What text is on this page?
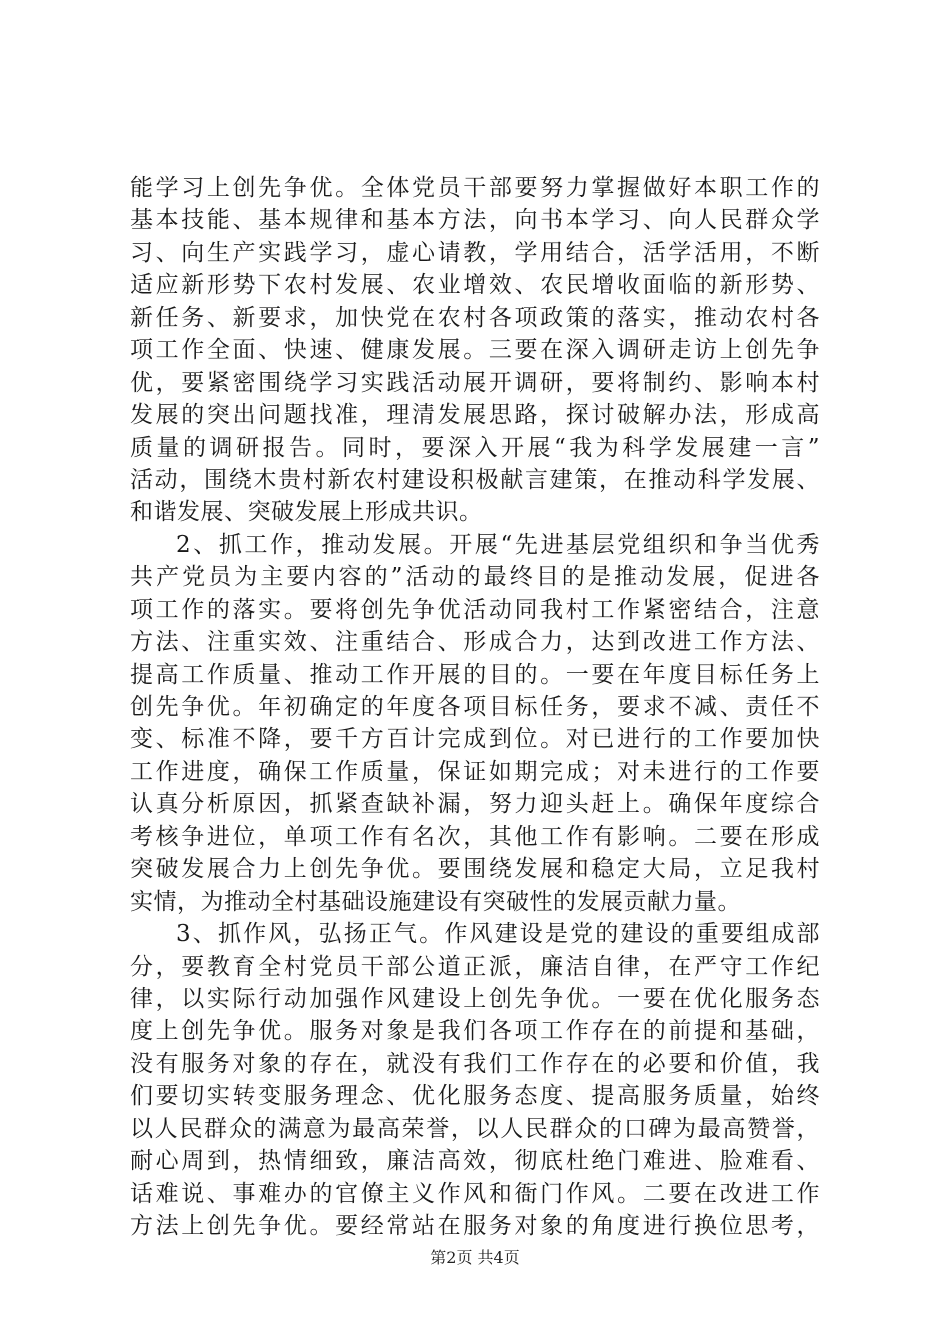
能学习上创先争优。全体党员干部要努力掌握做好本职工作的
基本技能、基本规律和基本方法，向书本学习、向人民群众学
习、向生产实践学习，虚心请教，学用结合，活学活用，不断
适应新形势下农村发展、农业增效、农民增收面临的新形势、
新任务、新要求，加快党在农村各项政策的落实，推动农村各
项工作全面、快速、健康发展。三要在深入调研走访上创先争
优，要紧密围绕学习实践活动展开调研，要将制约、影响本村
发展的突出问题找准，理清发展思路，探讨破解办法，形成高
质量的调研报告。同时，要深入开展“我为科学发展建一言”
活动，围绕木贵村新农村建设积极献言建策，在推动科学发展、
和谐发展、突破发展上形成共识。
2、抓工作，推动发展。开展“先进基层党组织和争当优秀
共产党员为主要内容的”活动的最终目的是推动发展，促进各
项工作的落实。要将创先争优活动同我村工作紧密结合，注意
方法、注重实效、注重结合、形成合力，达到改进工作方法、
提高工作质量、推动工作开展的目的。一要在年度目标任务上
创先争优。年初确定的年度各项目标任务，要求不减、责任不
变、标准不降，要千方百计完成到位。对已进行的工作要加快
工作进度，确保工作质量，保证如期完成；对未进行的工作要
认真分析原因，抓紧查缺补漏，努力迎头赶上。确保年度综合
考核争进位，单项工作有名次，其他工作有影响。二要在形成
突破发展合力上创先争优。要围绕发展和稳定大局，立足我村
实情，为推动全村基础设施建设有突破性的发展贡献力量。
3、抓作风，弘扬正气。作风建设是党的建设的重要组成部
分，要教育全村党员干部公道正派，廉洁自律，在严守工作纪
律，以实际行动加强作风建设上创先争优。一要在优化服务态
度上创先争优。服务对象是我们各项工作存在的前提和基础，
没有服务对象的存在，就没有我们工作存在的必要和价值，我
们要切实转变服务理念、优化服务态度、提高服务质量，始终
以人民群众的满意为最高荣誉，以人民群众的口碑为最高赞誉，
耐心周到，热情细致，廉洁高效，彻底杜绝门难进、脸难看、
话难说、事难办的官僚主义作风和衙门作风。二要在改进工作
方法上创先争优。要经常站在服务对象的角度进行换位思考，
第2页 共4页
